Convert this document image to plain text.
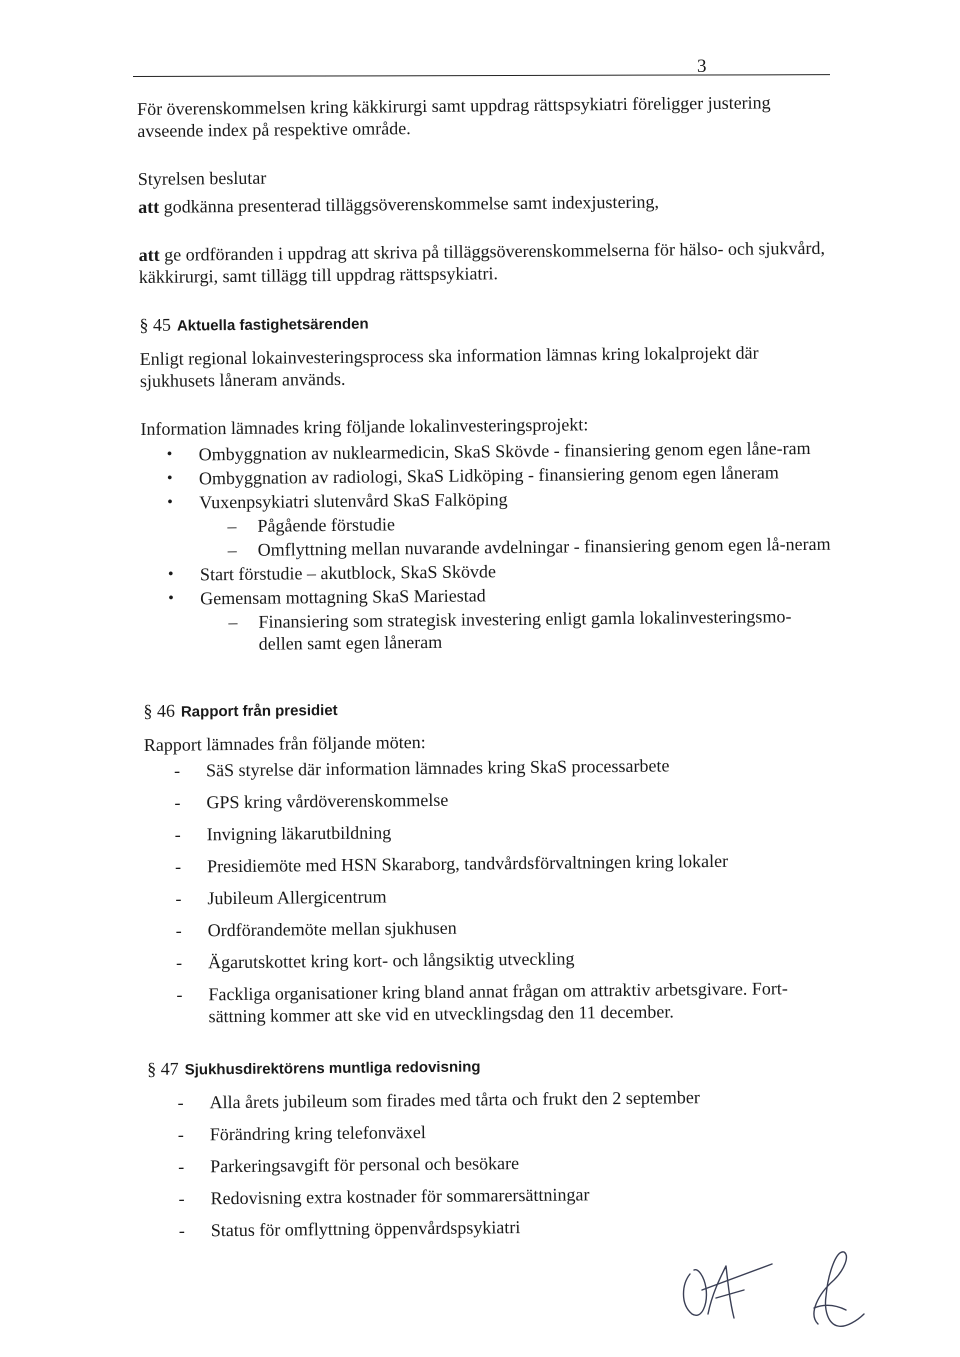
3

För överenskommelsen kring käkkirurgi samt uppdrag rättspsykiatri föreligger justering avseende index på respektive område.

Styrelsen beslutar

att godkänna presenterad tilläggsöverenskommelse samt indexjustering,

att ge ordföranden i uppdrag att skriva på tilläggsöverenskommelserna för hälso- och sjukvård, käkkirurgi, samt tillägg till uppdrag rättspsykiatri.

§ 45 Aktuella fastighetsärenden

Enligt regional lokainvesteringsprocess ska information lämnas kring lokalprojekt där sjukhusets låneram används.

Information lämnades kring följande lokalinvesteringsprojekt:

• Ombyggnation av nuklearmedicin, SkaS Skövde - finansiering genom egen låne-ram
• Ombyggnation av radiologi, SkaS Lidköping - finansiering genom egen låneram
• Vuxenpsykiatri slutenvård SkaS Falköping
– Pågående förstudie
– Omflyttning mellan nuvarande avdelningar - finansiering genom egen lå-neram
• Start förstudie – akutblock, SkaS Skövde
• Gemensam mottagning SkaS Mariestad
– Finansiering som strategisk investering enligt gamla lokalinvesteringsmo-dellen samt egen låneram

§ 46 Rapport från presidiet

Rapport lämnades från följande möten:

- SäS styrelse där information lämnades kring SkaS processarbete
- GPS kring vårdöverenskommelse
- Invigning läkarutbildning
- Presidiemöte med HSN Skaraborg, tandvårdsförvaltningen kring lokaler
- Jubileum Allergicentrum
- Ordförandemöte mellan sjukhusen
- Ägarutskottet kring kort- och långsiktig utveckling
- Fackliga organisationer kring bland annat frågan om attraktiv arbetsgivare. Fort-sättning kommer att ske vid en utvecklingsdag den 11 december.

§ 47 Sjukhusdirektörens muntliga redovisning

- Alla årets jubileum som firades med tårta och frukt den 2 september
- Förändring kring telefonväxel
- Parkeringsavgift för personal och besökare
- Redovisning extra kostnader för sommarersättningar
- Status för omflyttning öppenvårdspsykiatri
